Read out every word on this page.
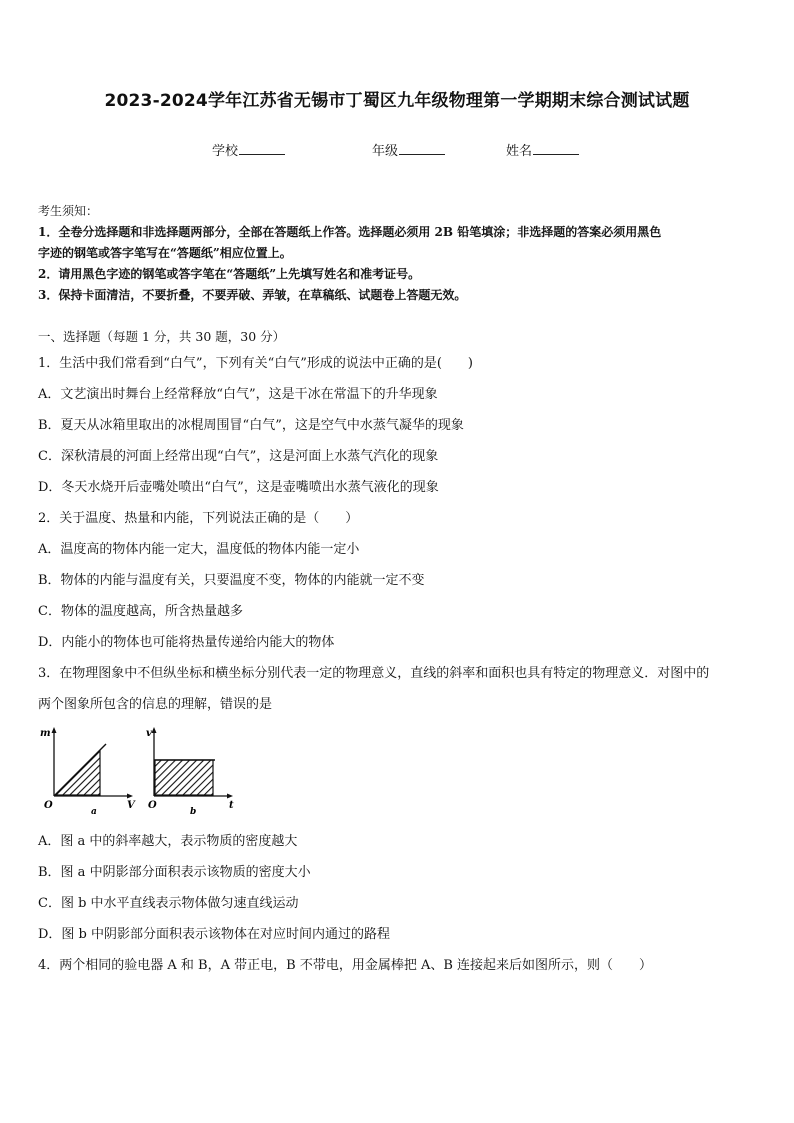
2023-2024学年江苏省无锡市丁蜀区九年级物理第一学期期末综合测试试题
学校	年级	姓名
考生须知：
1．全卷分选择题和非选择题两部分，全部在答题纸上作答。选择题必须用 2B 铅笔填涂；非选择题的答案必须用黑色
字迹的钢笔或答字笔写在“答题纸”相应位置上。
2．请用黑色字迹的钢笔或答字笔在“答题纸”上先填写姓名和准考证号。
3．保持卡面清洁，不要折叠，不要弄破、弄皱，在草稿纸、试题卷上答题无效。
一、选择题（每题 1 分，共 30 题，30 分）
1．生活中我们常看到“白气”，下列有关“白气”形成的说法中正确的是(　　)
A．文艺演出时舞台上经常释放“白气”，这是干冰在常温下的升华现象
B．夏天从冰箱里取出的冰棍周围冒“白气”，这是空气中水蒸气凝华的现象
C．深秋清晨的河面上经常出现“白气”，这是河面上水蒸气汽化的现象
D．冬天水烧开后壶嘴处喷出“白气”，这是壶嘴喷出水蒸气液化的现象
2．关于温度、热量和内能，下列说法正确的是（　　）
A．温度高的物体内能一定大，温度低的物体内能一定小
B．物体的内能与温度有关，只要温度不变，物体的内能就一定不变
C．物体的温度越高，所含热量越多
D．内能小的物体也可能将热量传递给内能大的物体
3．在物理图象中不但纵坐标和横坐标分别代表一定的物理意义，直线的斜率和面积也具有特定的物理意义．对图中的
两个图象所包含的信息的理解，错误的是
m
O	V
a
v
O	t
b
A．图 a 中的斜率越大，表示物质的密度越大
B．图 a 中阴影部分面积表示该物质的密度大小
C．图 b 中水平直线表示物体做匀速直线运动
D．图 b 中阴影部分面积表示该物体在对应时间内通过的路程
4．两个相同的验电器 A 和 B，A 带正电，B 不带电，用金属棒把 A、B 连接起来后如图所示，则（　　）
